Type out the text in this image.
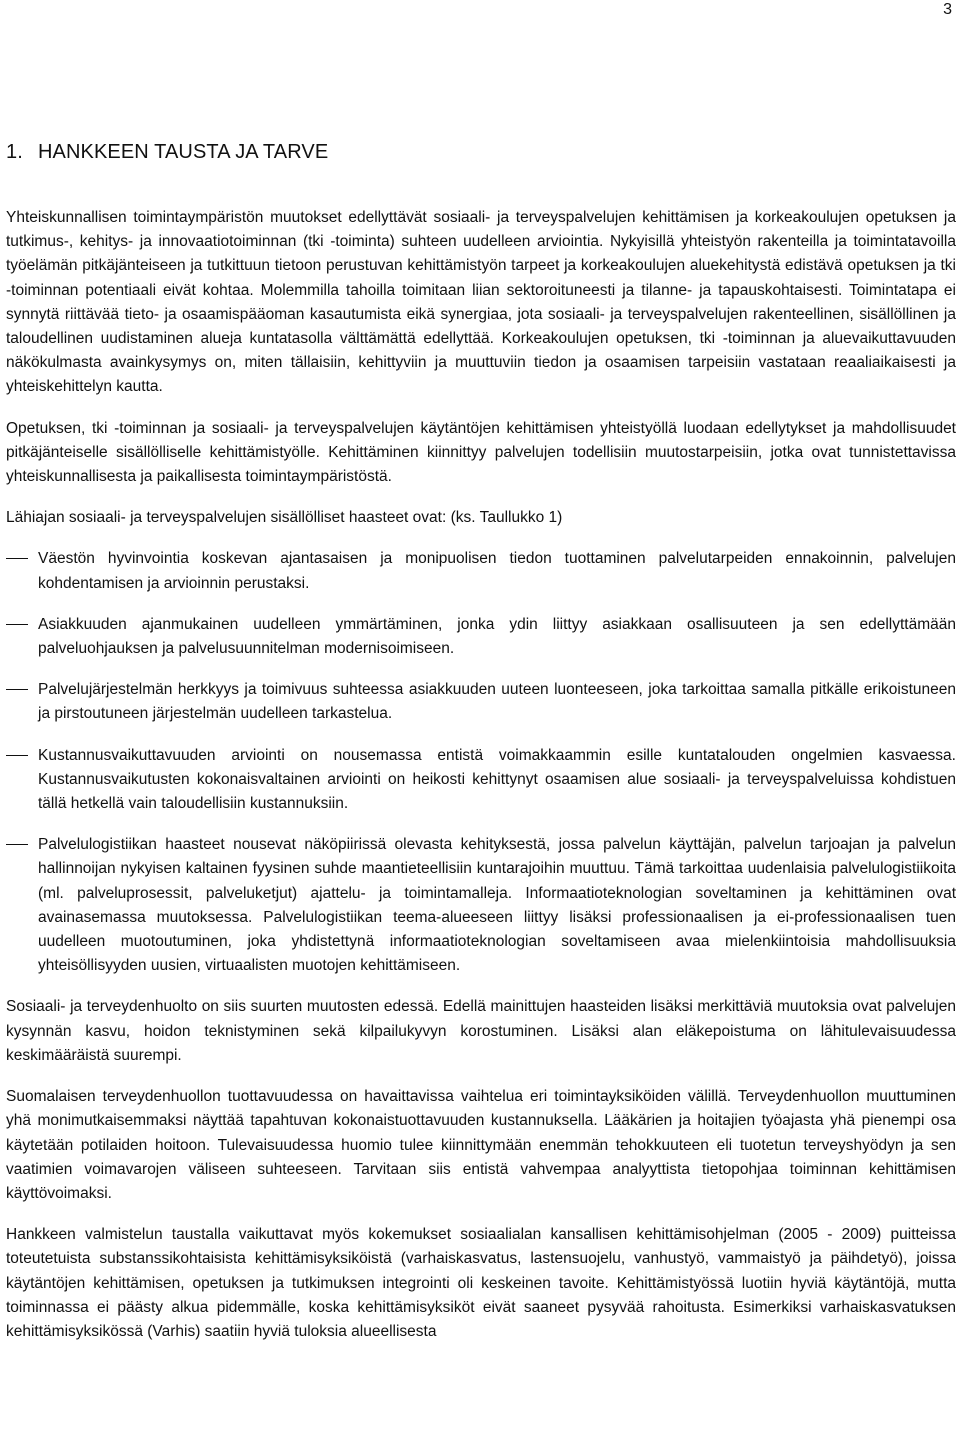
3
1. HANKKEEN TAUSTA JA TARVE

Yhteiskunnallisen toimintaympäristön muutokset edellyttävät sosiaali- ja terveyspalvelujen kehittämisen ja korkeakoulujen opetuksen ja tutkimus-, kehitys- ja innovaatiotoiminnan (tki -toiminta) suhteen uudelleen arviointia. Nykyisillä yhteistyön rakenteilla ja toimintatavoilla työelämän pitkäjänteiseen ja tutkittuun tietoon perustuvan kehittämistyön tarpeet ja korkeakoulujen aluekehitystä edistävä opetuksen ja tki -toiminnan potentiaali eivät kohtaa. Molemmilla tahoilla toimitaan liian sektoroituneesti ja tilanne- ja tapauskohtaisesti. Toimintatapa ei synnytä riittävää tieto- ja osaamispääoman kasautumista eikä synergiaa, jota sosiaali- ja terveyspalvelujen rakenteellinen, sisällöllinen ja taloudellinen uudistaminen alueja kuntatasolla välttämättä edellyttää. Korkeakoulujen opetuksen, tki -toiminnan ja aluevaikuttavuuden näkökulmasta avainkysymys on, miten tällaisiin, kehittyviin ja muuttuviin tiedon ja osaamisen tarpeisiin vastataan reaaliaikaisesti ja yhteiskehittelyn kautta.

Opetuksen, tki -toiminnan ja sosiaali- ja terveyspalvelujen käytäntöjen kehittämisen yhteistyöllä luodaan edellytykset ja mahdollisuudet pitkäjänteiselle sisällölliselle kehittämistyölle. Kehittäminen kiinnittyy palvelujen todellisiin muutostarpeisiin, jotka ovat tunnistettavissa yhteiskunnallisesta ja paikallisesta toimintaympäristöstä.

Lähiajan sosiaali- ja terveyspalvelujen sisällölliset haasteet ovat: (ks. Taullukko 1)

Väestön hyvinvointia koskevan ajantasaisen ja monipuolisen tiedon tuottaminen palvelutarpeiden ennakoinnin, palvelujen kohdentamisen ja arvioinnin perustaksi.
Asiakkuuden ajanmukainen uudelleen ymmärtäminen, jonka ydin liittyy asiakkaan osallisuuteen ja sen edellyttämään palveluohjauksen ja palvelusuunnitelman modernisoimiseen.
Palvelujärjestelmän herkkyys ja toimivuus suhteessa asiakkuuden uuteen luonteeseen, joka tarkoittaa samalla pitkälle erikoistuneen ja pirstoutuneen järjestelmän uudelleen tarkastelua.
Kustannusvaikuttavuuden arviointi on nousemassa entistä voimakkaammin esille kuntatalouden ongelmien kasvaessa. Kustannusvaikutusten kokonaisvaltainen arviointi on heikosti kehittynyt osaamisen alue sosiaali- ja terveyspalveluissa kohdistuen tällä hetkellä vain taloudellisiin kustannuksiin.
Palvelulogistiikan haasteet nousevat näköpiirissä olevasta kehityksestä, jossa palvelun käyttäjän, palvelun tarjoajan ja palvelun hallinnoijan nykyisen kaltainen fyysinen suhde maantieteellisiin kuntarajoihin muuttuu. Tämä tarkoittaa uudenlaisia palvelulogistiikoita (ml. palveluprosessit, palveluketjut) ajattelu- ja toimintamalleja. Informaatioteknologian soveltaminen ja kehittäminen ovat avainasemassa muutoksessa. Palvelulogistiikan teema-alueeseen liittyy lisäksi professionaalisen ja ei-professionaalisen tuen uudelleen muotoutuminen, joka yhdistettynä informaatioteknologian soveltamiseen avaa mielenkiintoisia mahdollisuuksia yhteisöllisyyden uusien, virtuaalisten muotojen kehittämiseen.

Sosiaali- ja terveydenhuolto on siis suurten muutosten edessä. Edellä mainittujen haasteiden lisäksi merkittäviä muutoksia ovat palvelujen kysynnän kasvu, hoidon teknistyminen sekä kilpailukyvyn korostuminen. Lisäksi alan eläkepoistuma on lähitulevaisuudessa keskimääräistä suurempi.

Suomalaisen terveydenhuollon tuottavuudessa on havaittavissa vaihtelua eri toimintayksiköiden välillä. Terveydenhuollon muuttuminen yhä monimutkaisemmaksi näyttää tapahtuvan kokonaistuottavuuden kustannuksella. Lääkärien ja hoitajien työajasta yhä pienempi osa käytetään potilaiden hoitoon. Tulevaisuudessa huomio tulee kiinnittymään enemmän tehokkuuteen eli tuotetun terveyshyödyn ja sen vaatimien voimavarojen väliseen suhteeseen. Tarvitaan siis entistä vahvempaa analyyttista tietopohjaa toiminnan kehittämisen käyttövoimaksi.

Hankkeen valmistelun taustalla vaikuttavat myös kokemukset sosiaalialan kansallisen kehittämisohjelman (2005 - 2009) puitteissa toteutetuista substanssikohtaisista kehittämisyksiköistä (varhaiskasvatus, lastensuojelu, vanhustyö, vammaistyö ja päihdetyö), joissa käytäntöjen kehittämisen, opetuksen ja tutkimuksen integrointi oli keskeinen tavoite. Kehittämistyössä luotiin hyviä käytäntöjä, mutta toiminnassa ei päästy alkua pidemmälle, koska kehittämisyksiköt eivät saaneet pysyvää rahoitusta. Esimerkiksi varhaiskasvatuksen kehittämisyksikössä (Varhis) saatiin hyviä tuloksia alueellisesta
